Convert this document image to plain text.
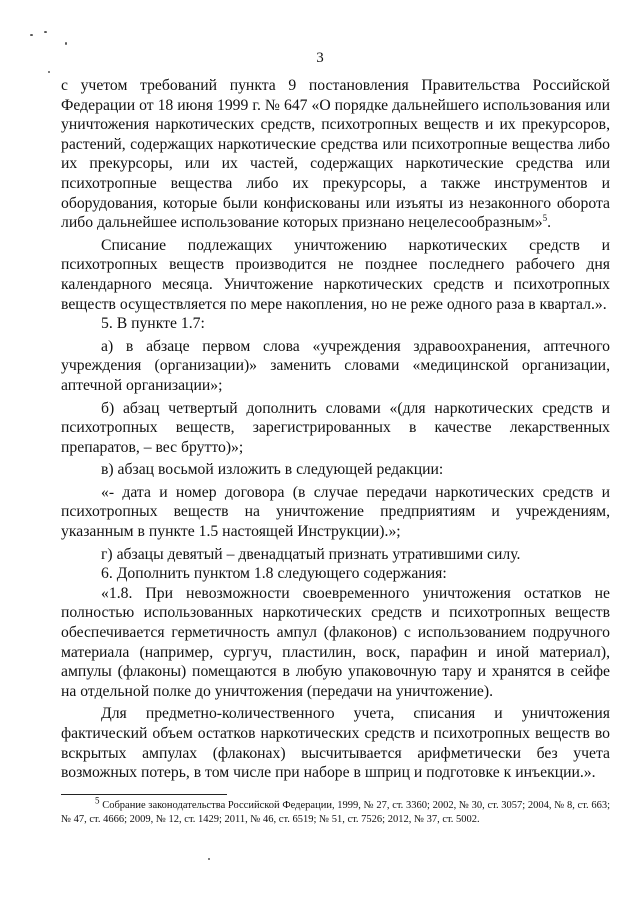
3

с учетом требований пункта 9 постановления Правительства Российской Федерации от 18 июня 1999 г. № 647 «О порядке дальнейшего использования или уничтожения наркотических средств, психотропных веществ и их прекурсоров, растений, содержащих наркотические средства или психотропные вещества либо их прекурсоры, или их частей, содержащих наркотические средства или психотропные вещества либо их прекурсоры, а также инструментов и оборудования, которые были конфискованы или изъяты из незаконного оборота либо дальнейшее использование которых признано нецелесообразным»$^5$.

Списание подлежащих уничтожению наркотических средств и психотропных веществ производится не позднее последнего рабочего дня календарного месяца. Уничтожение наркотических средств и психотропных веществ осуществляется по мере накопления, но не реже одного раза в квартал.».

5. В пункте 1.7:

а) в абзаце первом слова «учреждения здравоохранения, аптечного учреждения (организации)» заменить словами «медицинской организации, аптечной организации»;

б) абзац четвертый дополнить словами «(для наркотических средств и психотропных веществ, зарегистрированных в качестве лекарственных препаратов, – вес брутто)»;

в) абзац восьмой изложить в следующей редакции:

«- дата и номер договора (в случае передачи наркотических средств и психотропных веществ на уничтожение предприятиям и учреждениям, указанным в пункте 1.5 настоящей Инструкции).»;

г) абзацы девятый – двенадцатый признать утратившими силу.

6. Дополнить пунктом 1.8 следующего содержания:

«1.8. При невозможности своевременного уничтожения остатков не полностью использованных наркотических средств и психотропных веществ обеспечивается герметичность ампул (флаконов) с использованием подручного материала (например, сургуч, пластилин, воск, парафин и иной материал), ампулы (флаконы) помещаются в любую упаковочную тару и хранятся в сейфе на отдельной полке до уничтожения (передачи на уничтожение).

Для предметно-количественного учета, списания и уничтожения фактический объем остатков наркотических средств и психотропных веществ во вскрытых ампулах (флаконах) высчитывается арифметически без учета возможных потерь, в том числе при наборе в шприц и подготовке к инъекции.».

$^5$ Собрание законодательства Российской Федерации, 1999, № 27, ст. 3360; 2002, № 30, ст. 3057; 2004, № 8, ст. 663; № 47, ст. 4666; 2009, № 12, ст. 1429; 2011, № 46, ст. 6519; № 51, ст. 7526; 2012, № 37, ст. 5002.
